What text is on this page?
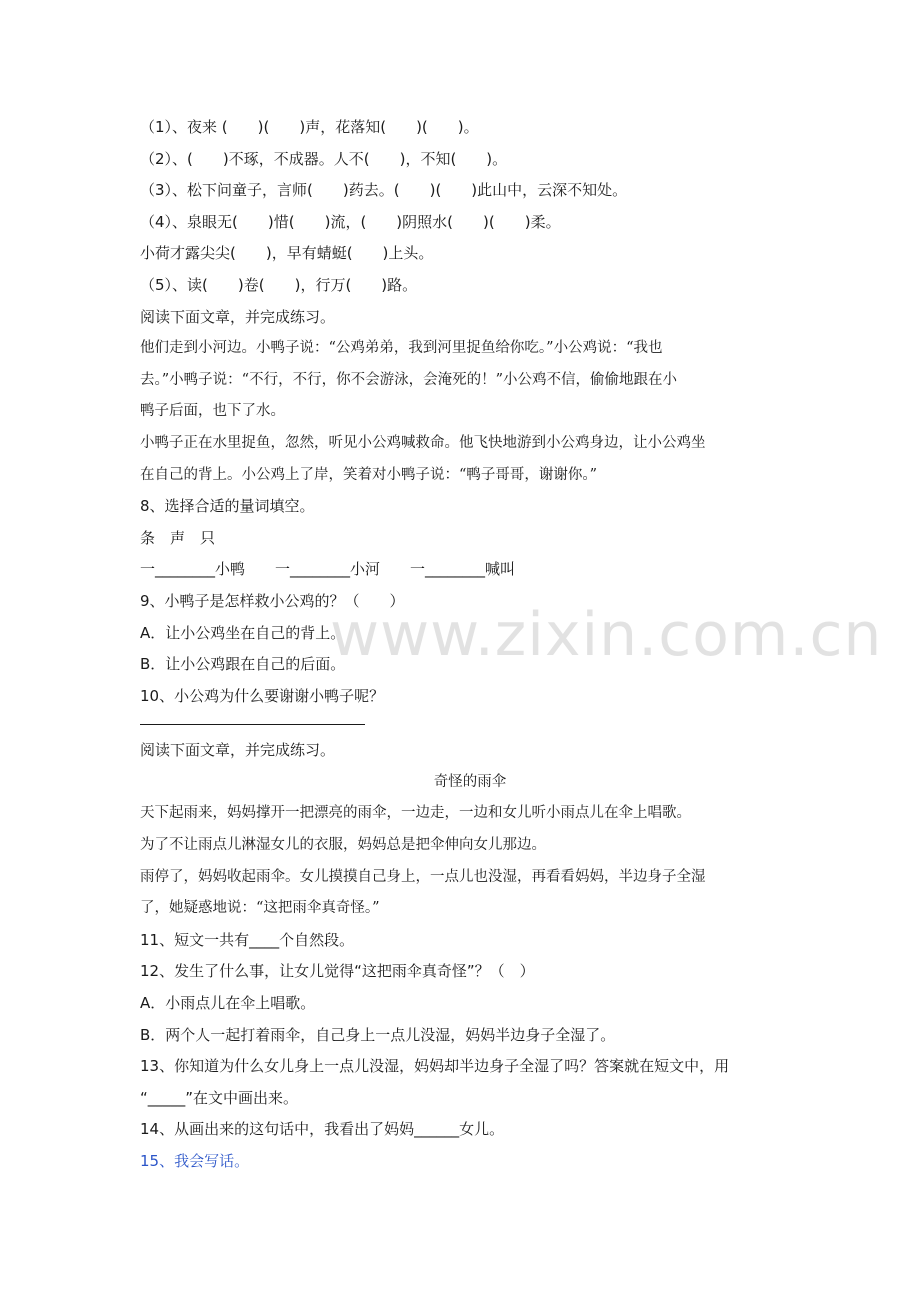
（1）、夜来 (　　)(　　)声，花落知(　　)(　　)。
（2）、(　　)不琢，不成器。人不(　　)，不知(　　)。
（3）、松下问童子，言师(　　)药去。(　　)(　　)此山中，云深不知处。
（4）、泉眼无(　　)惜(　　)流，(　　)阴照水(　　)(　　)柔。
小荷才露尖尖(　　)，早有蜻蜓(　　)上头。
（5）、读(　　)卷(　　)，行万(　　)路。
阅读下面文章，并完成练习。
他们走到小河边。小鸭子说：“公鸡弟弟，我到河里捉鱼给你吃。”小公鸡说：“我也
去。”小鸭子说：“不行，不行，你不会游泳，会淹死的！”小公鸡不信，偷偷地跟在小
鸭子后面，也下了水。
小鸭子正在水里捉鱼，忽然，听见小公鸡喊救命。他飞快地游到小公鸡身边，让小公鸡坐
在自己的背上。小公鸡上了岸，笑着对小鸭子说：“鸭子哥哥，谢谢你。”
8、选择合适的量词填空。
条　声　只
一________小鸭　　一________小河　　一________喊叫
9、小鸭子是怎样救小公鸡的？（　　）
A．让小公鸡坐在自己的背上。
B．让小公鸡跟在自己的后面。
10、小公鸡为什么要谢谢小鸭子呢？
阅读下面文章，并完成练习。
奇怪的雨伞
天下起雨来，妈妈撑开一把漂亮的雨伞，一边走，一边和女儿听小雨点儿在伞上唱歌。
为了不让雨点儿淋湿女儿的衣服，妈妈总是把伞伸向女儿那边。
雨停了，妈妈收起雨伞。女儿摸摸自己身上，一点儿也没湿，再看看妈妈，半边身子全湿
了，她疑惑地说：“这把雨伞真奇怪。”
11、短文一共有____个自然段。
12、发生了什么事，让女儿觉得“这把雨伞真奇怪”？（　）
A．小雨点儿在伞上唱歌。
B．两个人一起打着雨伞，自己身上一点儿没湿，妈妈半边身子全湿了。
13、你知道为什么女儿身上一点儿没湿，妈妈却半边身子全湿了吗？答案就在短文中，用
“_____”在文中画出来。
14、从画出来的这句话中，我看出了妈妈______女儿。
15、我会写话。
www.zixin.com.cn
